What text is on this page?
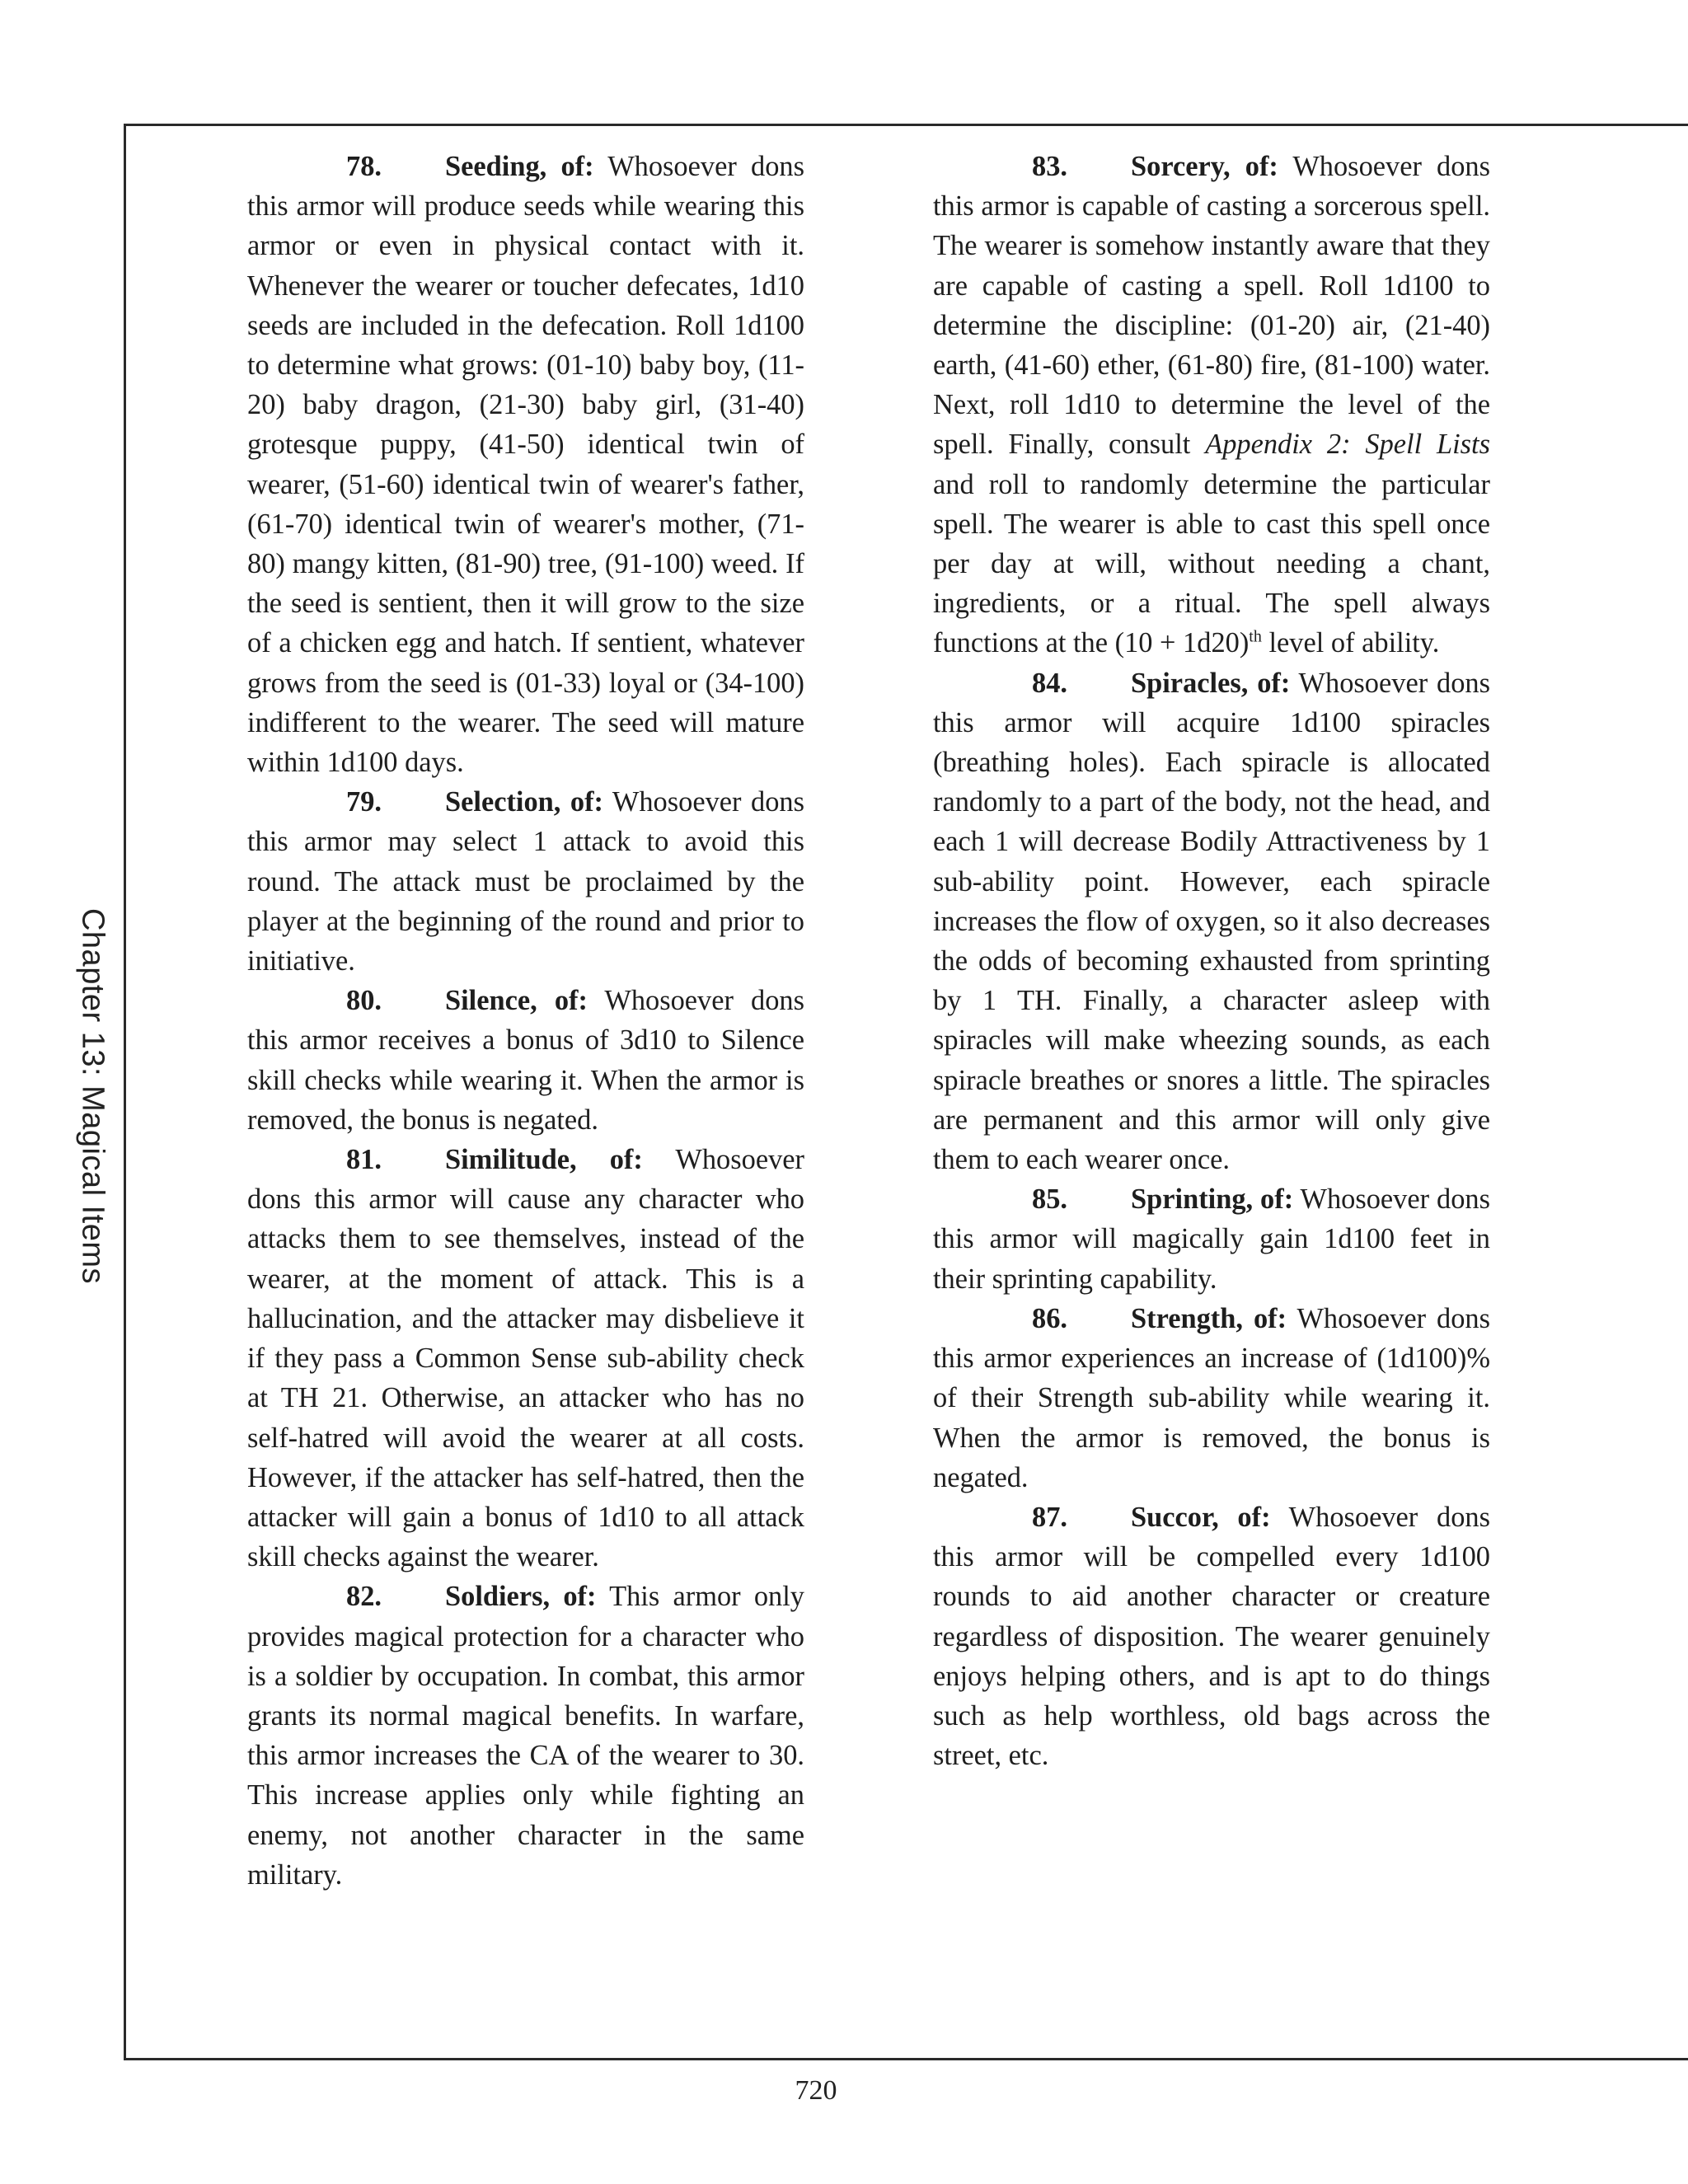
Chapter 13: Magical Items

78. Seeding, of: Whosoever dons this armor will produce seeds while wearing this armor or even in physical contact with it. Whenever the wearer or toucher defecates, 1d10 seeds are included in the defecation. Roll 1d100 to determine what grows: (01-10) baby boy, (11-20) baby dragon, (21-30) baby girl, (31-40) grotesque puppy, (41-50) identical twin of wearer, (51-60) identical twin of wearer's father, (61-70) identical twin of wearer's mother, (71-80) mangy kitten, (81-90) tree, (91-100) weed. If the seed is sentient, then it will grow to the size of a chicken egg and hatch. If sentient, whatever grows from the seed is (01-33) loyal or (34-100) indifferent to the wearer. The seed will mature within 1d100 days.

79. Selection, of: Whosoever dons this armor may select 1 attack to avoid this round. The attack must be proclaimed by the player at the beginning of the round and prior to initiative.

80. Silence, of: Whosoever dons this armor receives a bonus of 3d10 to Silence skill checks while wearing it. When the armor is removed, the bonus is negated.

81. Similitude, of: Whosoever dons this armor will cause any character who attacks them to see themselves, instead of the wearer, at the moment of attack. This is a hallucination, and the attacker may disbelieve it if they pass a Common Sense sub-ability check at TH 21. Otherwise, an attacker who has no self-hatred will avoid the wearer at all costs. However, if the attacker has self-hatred, then the attacker will gain a bonus of 1d10 to all attack skill checks against the wearer.

82. Soldiers, of: This armor only provides magical protection for a character who is a soldier by occupation. In combat, this armor grants its normal magical benefits. In warfare, this armor increases the CA of the wearer to 30. This increase applies only while fighting an enemy, not another character in the same military.

83. Sorcery, of: Whosoever dons this armor is capable of casting a sorcerous spell. The wearer is somehow instantly aware that they are capable of casting a spell. Roll 1d100 to determine the discipline: (01-20) air, (21-40) earth, (41-60) ether, (61-80) fire, (81-100) water. Next, roll 1d10 to determine the level of the spell. Finally, consult Appendix 2: Spell Lists and roll to randomly determine the particular spell. The wearer is able to cast this spell once per day at will, without needing a chant, ingredients, or a ritual. The spell always functions at the $(10 + 1d20)^{th}$ level of ability.

84. Spiracles, of: Whosoever dons this armor will acquire 1d100 spiracles (breathing holes). Each spiracle is allocated randomly to a part of the body, not the head, and each 1 will decrease Bodily Attractiveness by 1 sub-ability point. However, each spiracle increases the flow of oxygen, so it also decreases the odds of becoming exhausted from sprinting by 1 TH. Finally, a character asleep with spiracles will make wheezing sounds, as each spiracle breathes or snores a little. The spiracles are permanent and this armor will only give them to each wearer once.

85. Sprinting, of: Whosoever dons this armor will magically gain 1d100 feet in their sprinting capability.

86. Strength, of: Whosoever dons this armor experiences an increase of (1d100)% of their Strength sub-ability while wearing it. When the armor is removed, the bonus is negated.

87. Succor, of: Whosoever dons this armor will be compelled every 1d100 rounds to aid another character or creature regardless of disposition. The wearer genuinely enjoys helping others, and is apt to do things such as help worthless, old bags across the street, etc.

720
